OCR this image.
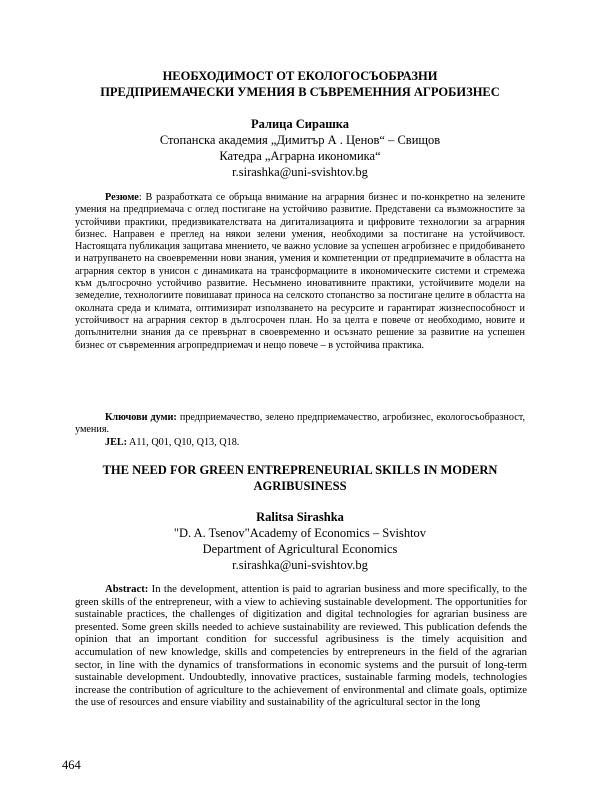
НЕОБХОДИМОСТ ОТ ЕКОЛОГОСЪОБРАЗНИ
ПРЕДПРИЕМАЧЕСКИ УМЕНИЯ В СЪВРЕМЕННИЯ АГРОБИЗНЕС
Ралица Сирашка
Стопанска академия „Димитър А . Ценов“ – Свищов
Катедра „Аграрна икономика“
r.sirashka@uni-svishtov.bg
Резюме: В разработката се обръща внимание на аграрния бизнес и по-конкретно на зелените умения на предприемача с оглед постигане на устойчиво развитие. Представени са възможностите за устойчиви практики, предизвикателствата на дигитализацията и цифровите технологии за аграрния бизнес. Направен е преглед на някои зелени умения, необходими за постигане на устойчивост. Настоящата публикация защитава мнението, че важно условие за успешен агробизнес е придобиването и натрупването на своевременни нови знания, умения и компетенции от предприемачите в областта на аграрния сектор в унисон с динамиката на трансформациите в икономическите системи и стремежа към дългосрочно устойчиво развитие. Несъмнено иновативните практики, устойчивите модели на земеделие, технологиите повишават приноса на селското стопанство за постигане целите в областта на околната среда и климата, оптимизират използването на ресурсите и гарантират жизнеспособност и устойчивост на аграрния сектор в дългосрочен план. Но за целта е повече от необходимо, новите и допълнителни знания да се превърнат в своевременно и осъзнато решение за развитие на успешен бизнес от съвременния агропредприемач и нещо повече – в устойчива практика.
Ключови думи: предприемачество, зелено предприемачество, агробизнес, екологосъобразност, умения.
JEL: A11, Q01, Q10, Q13, Q18.
THE NEED FOR GREEN ENTREPRENEURIAL SKILLS IN MODERN
AGRIBUSINESS
Ralitsa Sirashka
"D. A. Tsenov"Academy of Economics – Svishtov
Department of Agricultural Economics
r.sirashka@uni-svishtov.bg
Abstract: In the development, attention is paid to agrarian business and more specifically, to the green skills of the entrepreneur, with a view to achieving sustainable development. The opportunities for sustainable practices, the challenges of digitization and digital technologies for agrarian business are presented. Some green skills needed to achieve sustainability are reviewed. This publication defends the opinion that an important condition for successful agribusiness is the timely acquisition and accumulation of new knowledge, skills and competencies by entrepreneurs in the field of the agrarian sector, in line with the dynamics of transformations in economic systems and the pursuit of long-term sustainable development. Undoubtedly, innovative practices, sustainable farming models, technologies increase the contribution of agriculture to the achievement of environmental and climate goals, optimize the use of resources and ensure viability and sustainability of the agricultural sector in the long
464
